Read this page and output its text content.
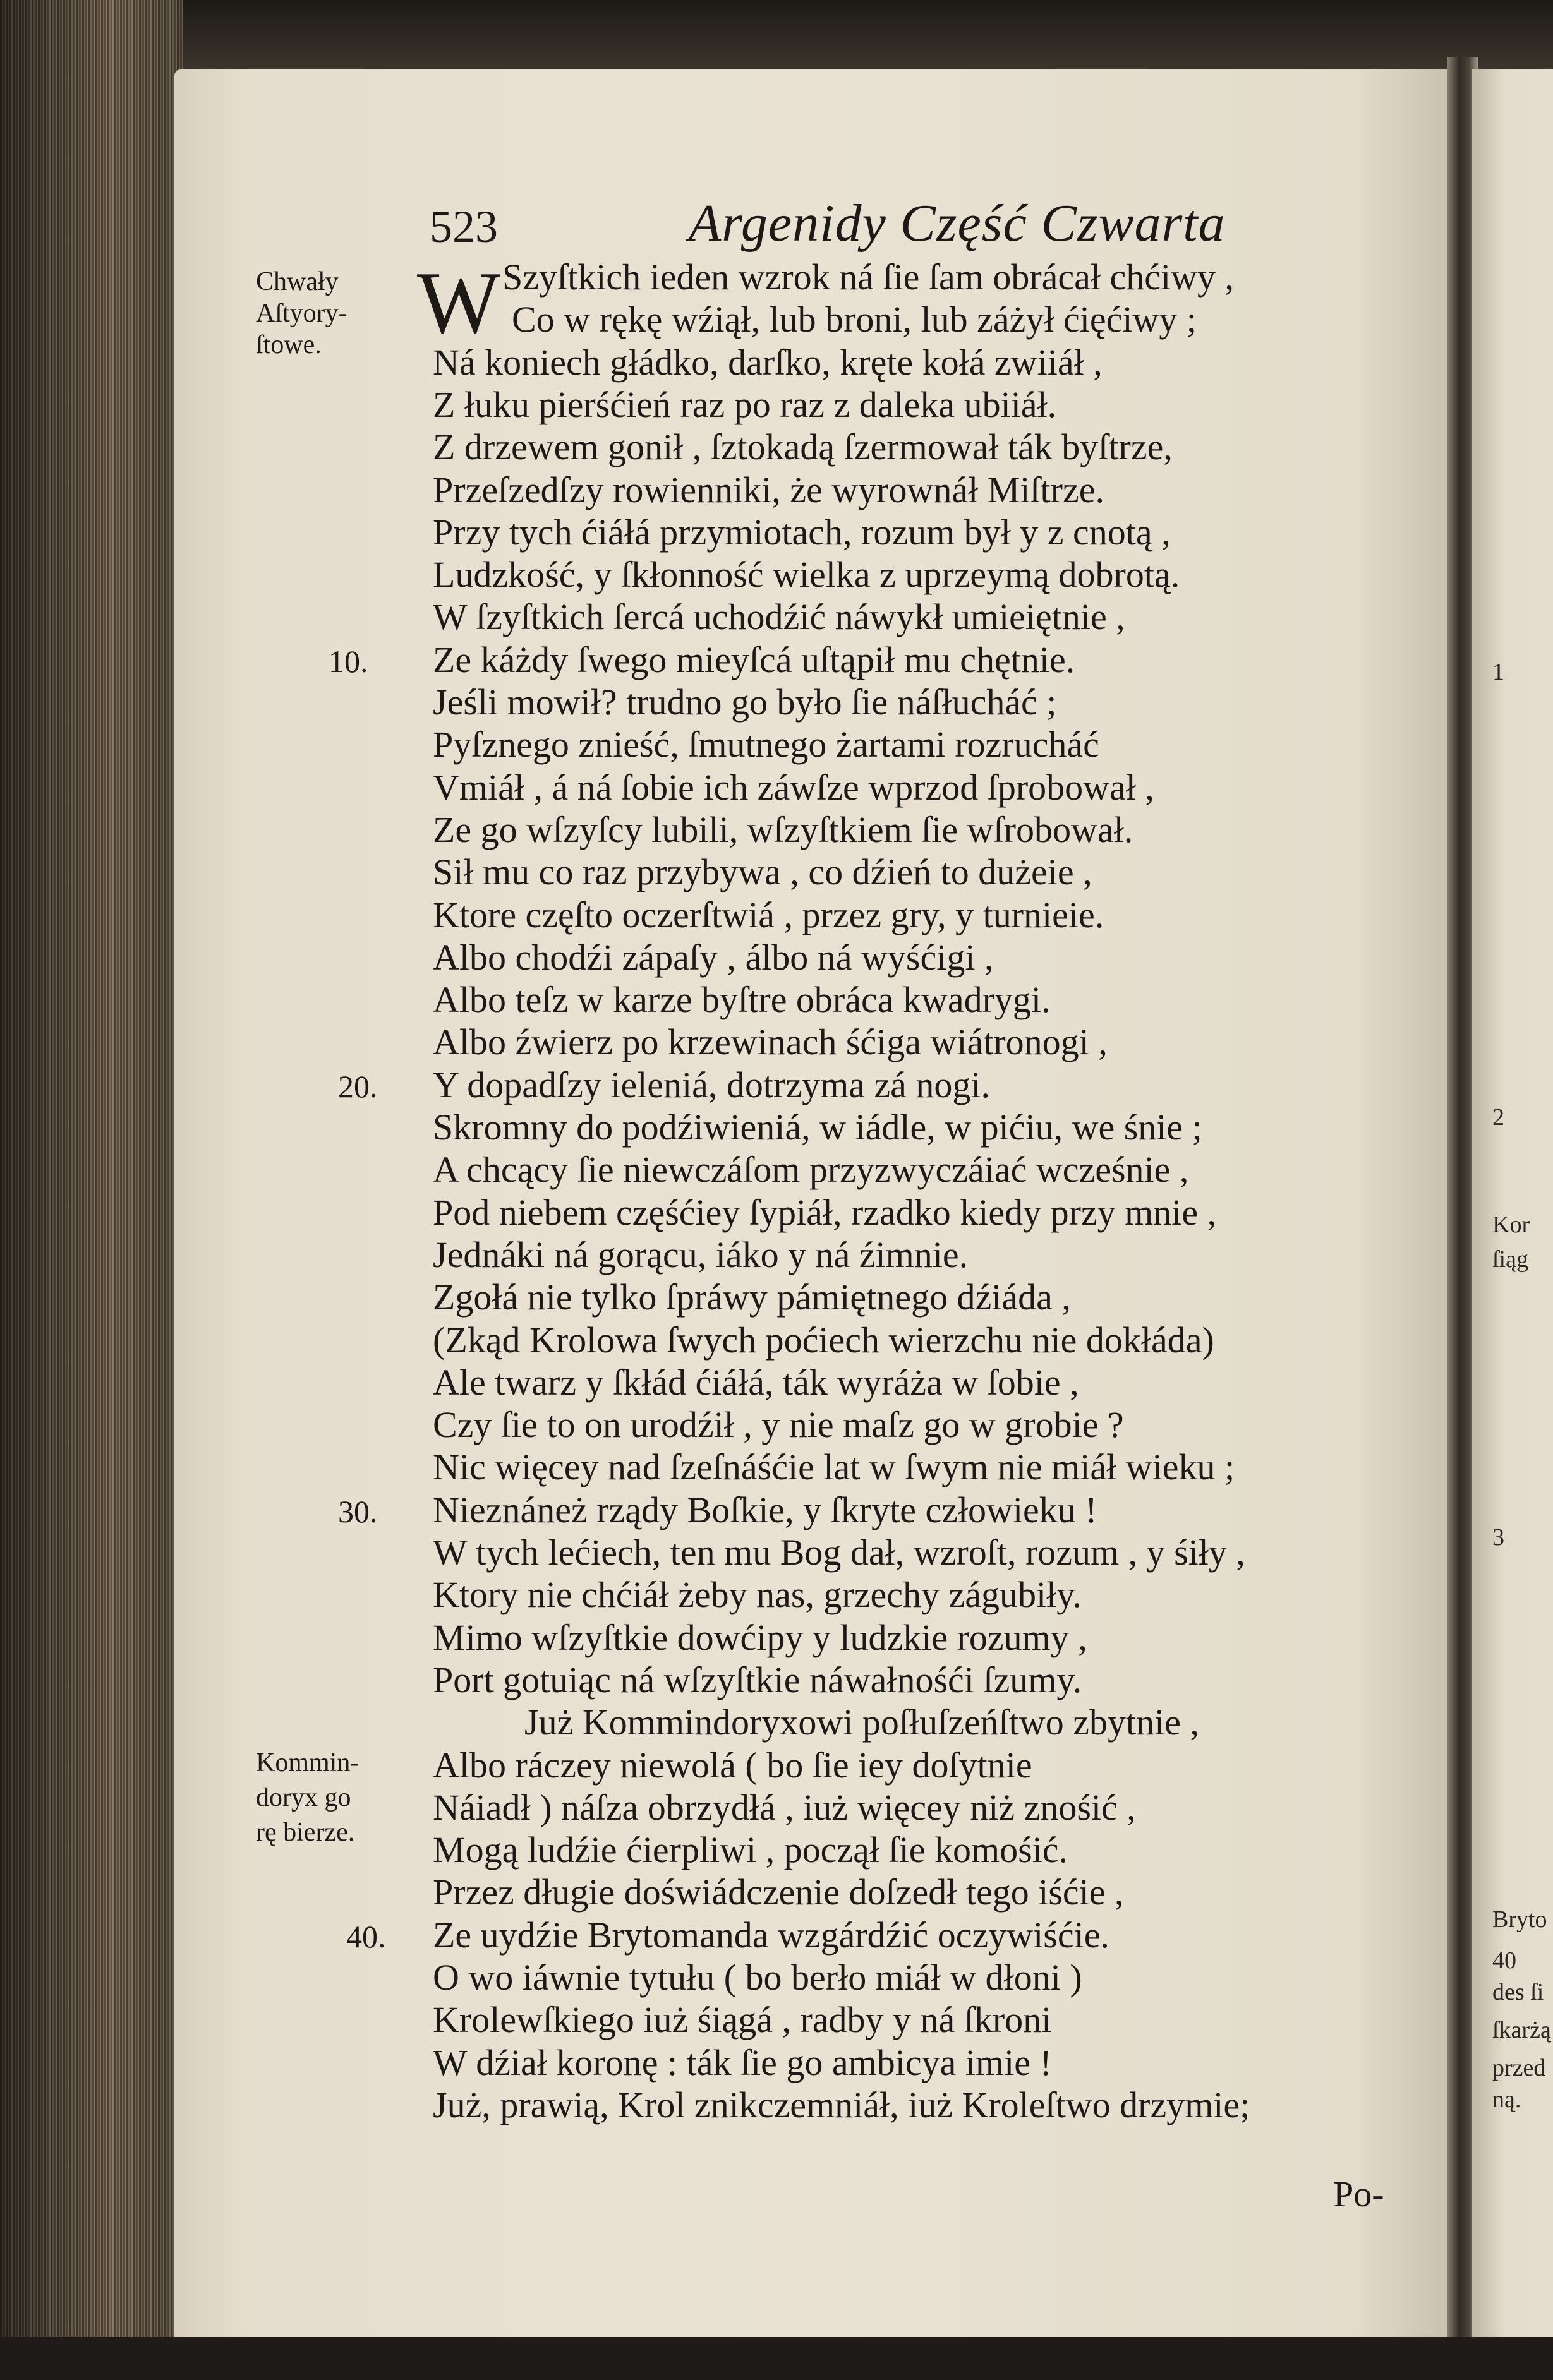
523	Argenidy Część Czwarta
W
Po-
Szyſtkich ieden wzrok ná ſie ſam obrácał chćiwy ,
Co w rękę wźiął, lub broni, lub záżył ćięćiwy ;
Ná koniech głádko, darſko, kręte kołá zwiiáł ,
Z łuku pierśćień raz po raz z daleka ubiiáł.
Z drzewem gonił , ſztokadą ſzermował ták byſtrze,
Przeſzedſzy rowienniki, że wyrownáł Miſtrze.
Przy tych ćiáłá przymiotach, rozum był y z cnotą ,
Ludzkość, y ſkłonność wielka z uprzeymą dobrotą.
W ſzyſtkich ſercá uchodźić náwykł umieiętnie ,
Ze káżdy ſwego mieyſcá uſtąpił mu chętnie.
Jeśli mowił? trudno go było ſie náſłucháć ;
Pyſznego znieść, ſmutnego żartami rozrucháć
Vmiáł , á ná ſobie ich záwſze wprzod ſprobował ,
Ze go wſzyſcy lubili, wſzyſtkiem ſie wſrobował.
Sił mu co raz przybywa , co dźień to dużeie ,
Ktore częſto oczerſtwiá , przez gry, y turnieie.
Albo chodźi zápaſy , álbo ná wyśćigi ,
Albo teſz w karze byſtre obráca kwadrygi.
Albo źwierz po krzewinach śćiga wiátronogi ,
Y dopadſzy ieleniá, dotrzyma zá nogi.
Skromny do podźiwieniá, w iádle, w pićiu, we śnie ;
A chcący ſie niewczáſom przyzwyczáiać wcześnie ,
Pod niebem częśćiey ſypiáł, rzadko kiedy przy mnie ,
Jednáki ná gorącu, iáko y ná źimnie.
Zgołá nie tylko ſpráwy pámiętnego dźiáda ,
(Zkąd Krolowa ſwych poćiech wierzchu nie dokłáda)
Ale twarz y ſkłád ćiáłá, ták wyráża w ſobie ,
Czy ſie to on urodźił , y nie maſz go w grobie ?
Nic więcey nad ſzeſnáśćie lat w ſwym nie miáł wieku ;
Nieznáneż rządy Boſkie, y ſkryte człowieku !
W tych lećiech, ten mu Bog dał, wzroſt, rozum , y śiły ,
Ktory nie chćiáł żeby nas, grzechy zágubiły.
Mimo wſzyſtkie dowćipy y ludzkie rozumy ,
Port gotuiąc ná wſzyſtkie náwałnośći ſzumy.
Już Kommindoryxowi poſłuſzeńſtwo zbytnie ,
Albo ráczey niewolá ( bo ſie iey doſytnie
Náiadł ) náſza obrzydłá , iuż więcey niż znośić ,
Mogą ludźie ćierpliwi , począł ſie komośić.
Przez długie doświádczenie doſzedł tego iśćie ,
Ze uydźie Brytomanda wzgárdźić oczywiśćie.
O wo iáwnie tytułu ( bo berło miáł w dłoni )
Krolewſkiego iuż śiągá , radby y ná ſkroni
W dźiał koronę : ták ſie go ambicya imie !
Już, prawią, Krol znikczemniáł, iuż Kroleſtwo drzymie;
10.
20.
30.
40.
Chwały
Aſtyory-
ſtowe.
Kommin-
doryx go
rę bierze.
1
2
Kor
ſiąg
3
Bryto
40
des ſi
ſkarżą
przed
ną.
